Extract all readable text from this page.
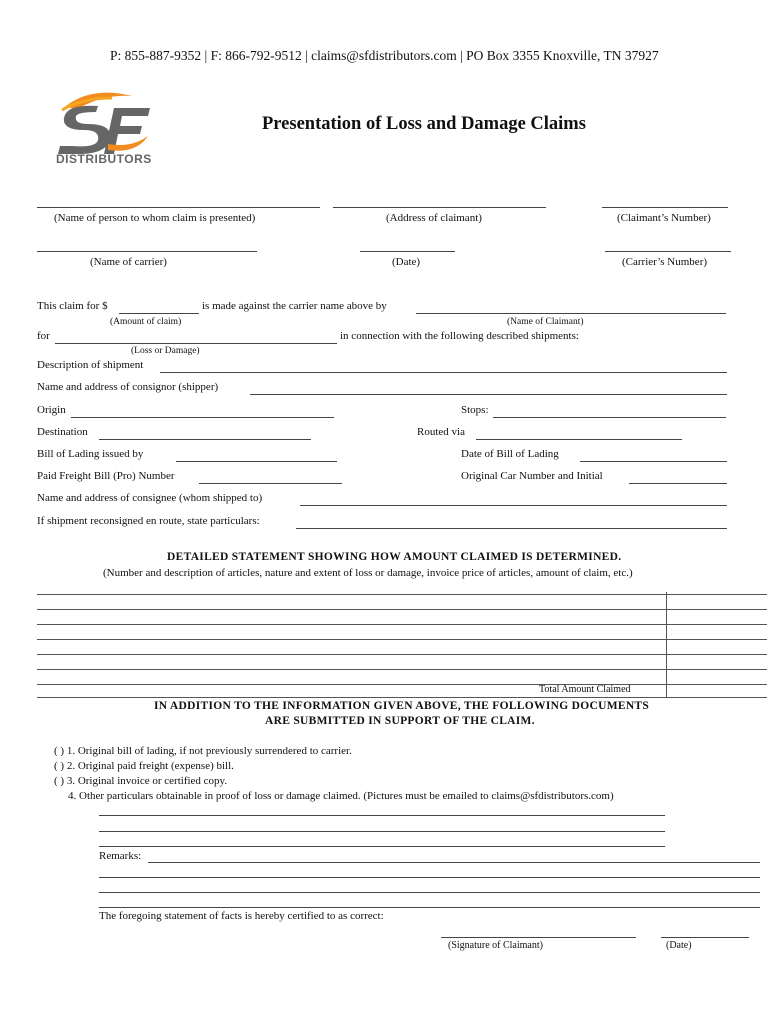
P: 855-887-9352 | F: 866-792-9512 | claims@sfdistributors.com | PO Box 3355 Knoxville, TN 37927
DISTRIBUTORS
Presentation of Loss and Damage Claims
(Name of person to whom claim is presented)	(Address of claimant)	(Claimant’s Number)
(Name of carrier)	(Date)	(Carrier’s Number)
This claim for $	is made against the carrier name above by
(Amount of claim)	(Name of Claimant)
for	in connection with the following described shipments:
(Loss or Damage)
Description of shipment
Name and address of consignor (shipper)
Origin	Stops:
Destination	Routed via
Bill of Lading issued by	Date of Bill of Lading
Paid Freight Bill (Pro) Number	Original Car Number and Initial
Name and address of consignee (whom shipped to)
If shipment reconsigned en route, state particulars:
DETAILED STATEMENT SHOWING HOW AMOUNT CLAIMED IS DETERMINED.
(Number and description of articles, nature and extent of loss or damage, invoice price of articles, amount of claim, etc.)
Total Amount Claimed
IN ADDITION TO THE INFORMATION GIVEN ABOVE, THE FOLLOWING DOCUMENTS
ARE SUBMITTED IN SUPPORT OF THE CLAIM.
( ) 1. Original bill of lading, if not previously surrendered to carrier.
( ) 2. Original paid freight (expense) bill.
( ) 3. Original invoice or certified copy.
4. Other particulars obtainable in proof of loss or damage claimed. (Pictures must be emailed to claims@sfdistributors.com)
Remarks:
The foregoing statement of facts is hereby certified to as correct:
(Signature of Claimant)	(Date)
